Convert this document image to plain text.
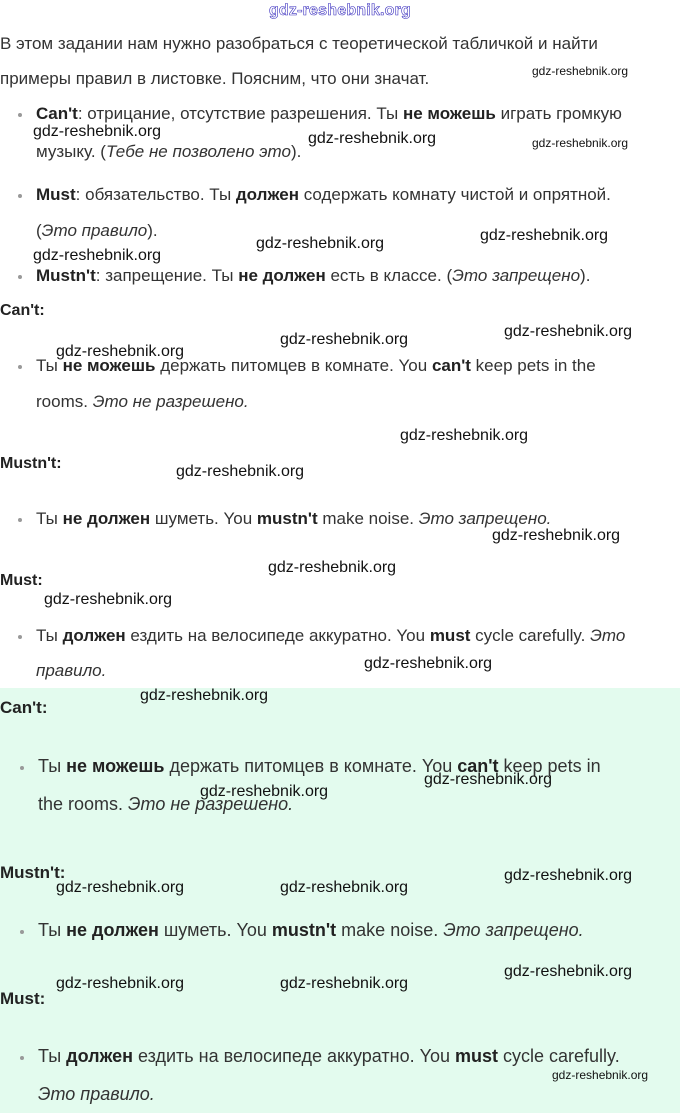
gdz-reshebnik.org
В этом задании нам нужно разобраться с теоретической табличкой и найти
примеры правил в листовке. Поясним, что они значат.
Can't: отрицание, отсутствие разрешения. Ты не можешь играть громкую
музыку. (Тебе не позволено это).
Must: обязательство. Ты должен содержать комнату чистой и опрятной.
(Это правило).
Mustn't: запрещение. Ты не должен есть в классе. (Это запрещено).
Can't:
Ты не можешь держать питомцев в комнате. You can't keep pets in the
rooms. Это не разрешено.
Mustn't:
Ты не должен шуметь. You mustn't make noise. Это запрещено.
Must:
Ты должен ездить на велосипеде аккуратно. You must cycle carefully. Это
правило.
Can't:
Ты не можешь держать питомцев в комнате. You can't keep pets in
the rooms. Это не разрешено.
Mustn't:
Ты не должен шуметь. You mustn't make noise. Это запрещено.
Must:
Ты должен ездить на велосипеде аккуратно. You must cycle carefully.
Это правило.
gdz-reshebnik.org
gdz-reshebnik.org	gdz-reshebnik.org	gdz-reshebnik.org
gdz-reshebnik.org
gdz-reshebnik.org
gdz-reshebnik.org
gdz-reshebnik.org
gdz-reshebnik.org
gdz-reshebnik.org
gdz-reshebnik.org
gdz-reshebnik.org
gdz-reshebnik.org
gdz-reshebnik.org
gdz-reshebnik.org
gdz-reshebnik.org
gdz-reshebnik.org
gdz-reshebnik.org
gdz-reshebnik.org
gdz-reshebnik.org
gdz-reshebnik.org	gdz-reshebnik.org
gdz-reshebnik.org
gdz-reshebnik.org	gdz-reshebnik.org
gdz-reshebnik.org
